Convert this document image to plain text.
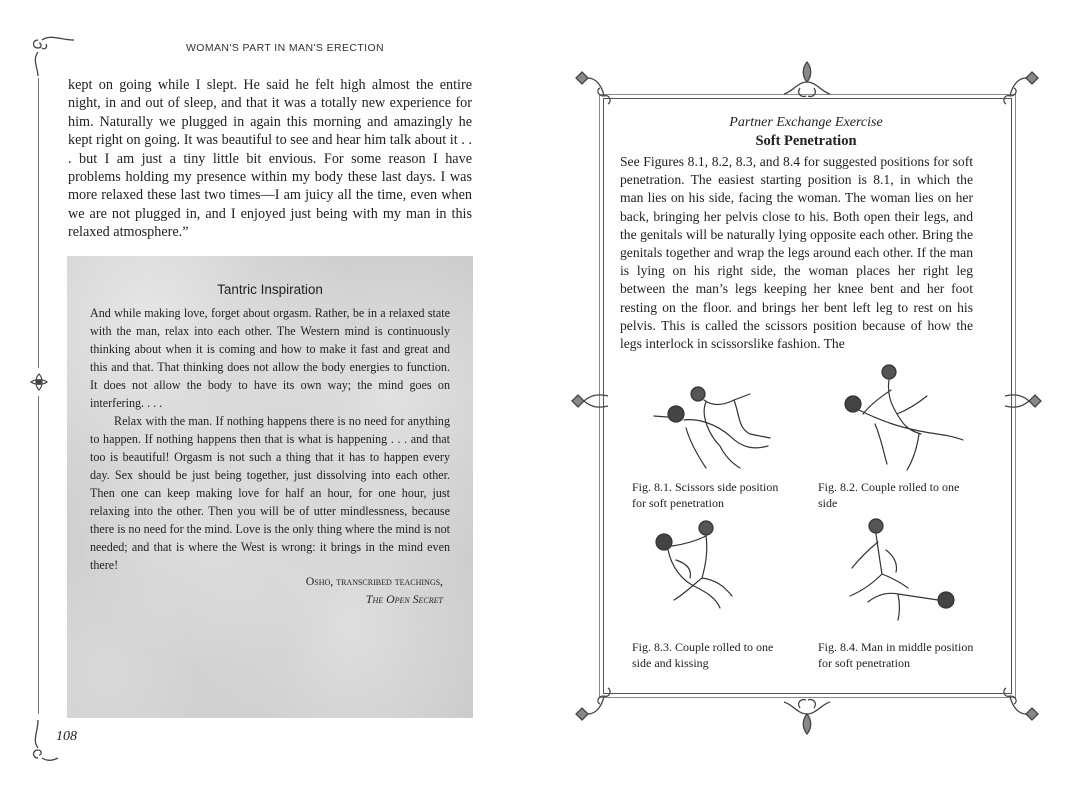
WOMAN'S PART IN MAN'S ERECTION

kept on going while I slept. He said he felt high almost the entire night, in and out of sleep, and that it was a totally new experience for him. Naturally we plugged in again this morning and amazingly he kept right on going. It was beautiful to see and hear him talk about it . . . but I am just a tiny little bit envious. For some reason I have problems holding my presence within my body these last days. I was more relaxed these last two times—I am juicy all the time, even when we are not plugged in, and I enjoyed just being with my man in this relaxed atmosphere.”

Tantric Inspiration

And while making love, forget about orgasm. Rather, be in a relaxed state with the man, relax into each other. The Western mind is continuously thinking about when it is coming and how to make it fast and great and this and that. That thinking does not allow the body energies to function. It does not allow the body to have its own way; the mind goes on interfering. . . .

Relax with the man. If nothing happens there is no need for anything to happen. If nothing happens then that is what is happening . . . and that too is beautiful! Orgasm is not such a thing that it has to happen every day. Sex should be just being together, just dissolving into each other. Then one can keep making love for half an hour, for one hour, just relaxing into the other. Then you will be of utter mindlessness, because there is no need for the mind. Love is the only thing where the mind is not needed; and that is where the West is wrong: it brings in the mind even there!

Osho, transcribed teachings,
The Open Secret
108
Partner Exchange Exercise
Soft Penetration

See Figures 8.1, 8.2, 8.3, and 8.4 for suggested positions for soft penetration. The easiest starting position is 8.1, in which the man lies on his side, facing the woman. The woman lies on her back, bringing her pelvis close to his. Both open their legs, and the genitals will be naturally lying opposite each other. Bring the genitals together and wrap the legs around each other. If the man is lying on his right side, the woman places her right leg between the man’s legs keeping her knee bent and her foot resting on the floor. and brings her bent left leg to rest on his pelvis. This is called the scissors position because of how the legs interlock in scissorslike fashion. The

Fig. 8.1. Scissors side position for soft penetration
Fig. 8.2. Couple rolled to one side
Fig. 8.3. Couple rolled to one side and kissing
Fig. 8.4. Man in middle position for soft penetration
